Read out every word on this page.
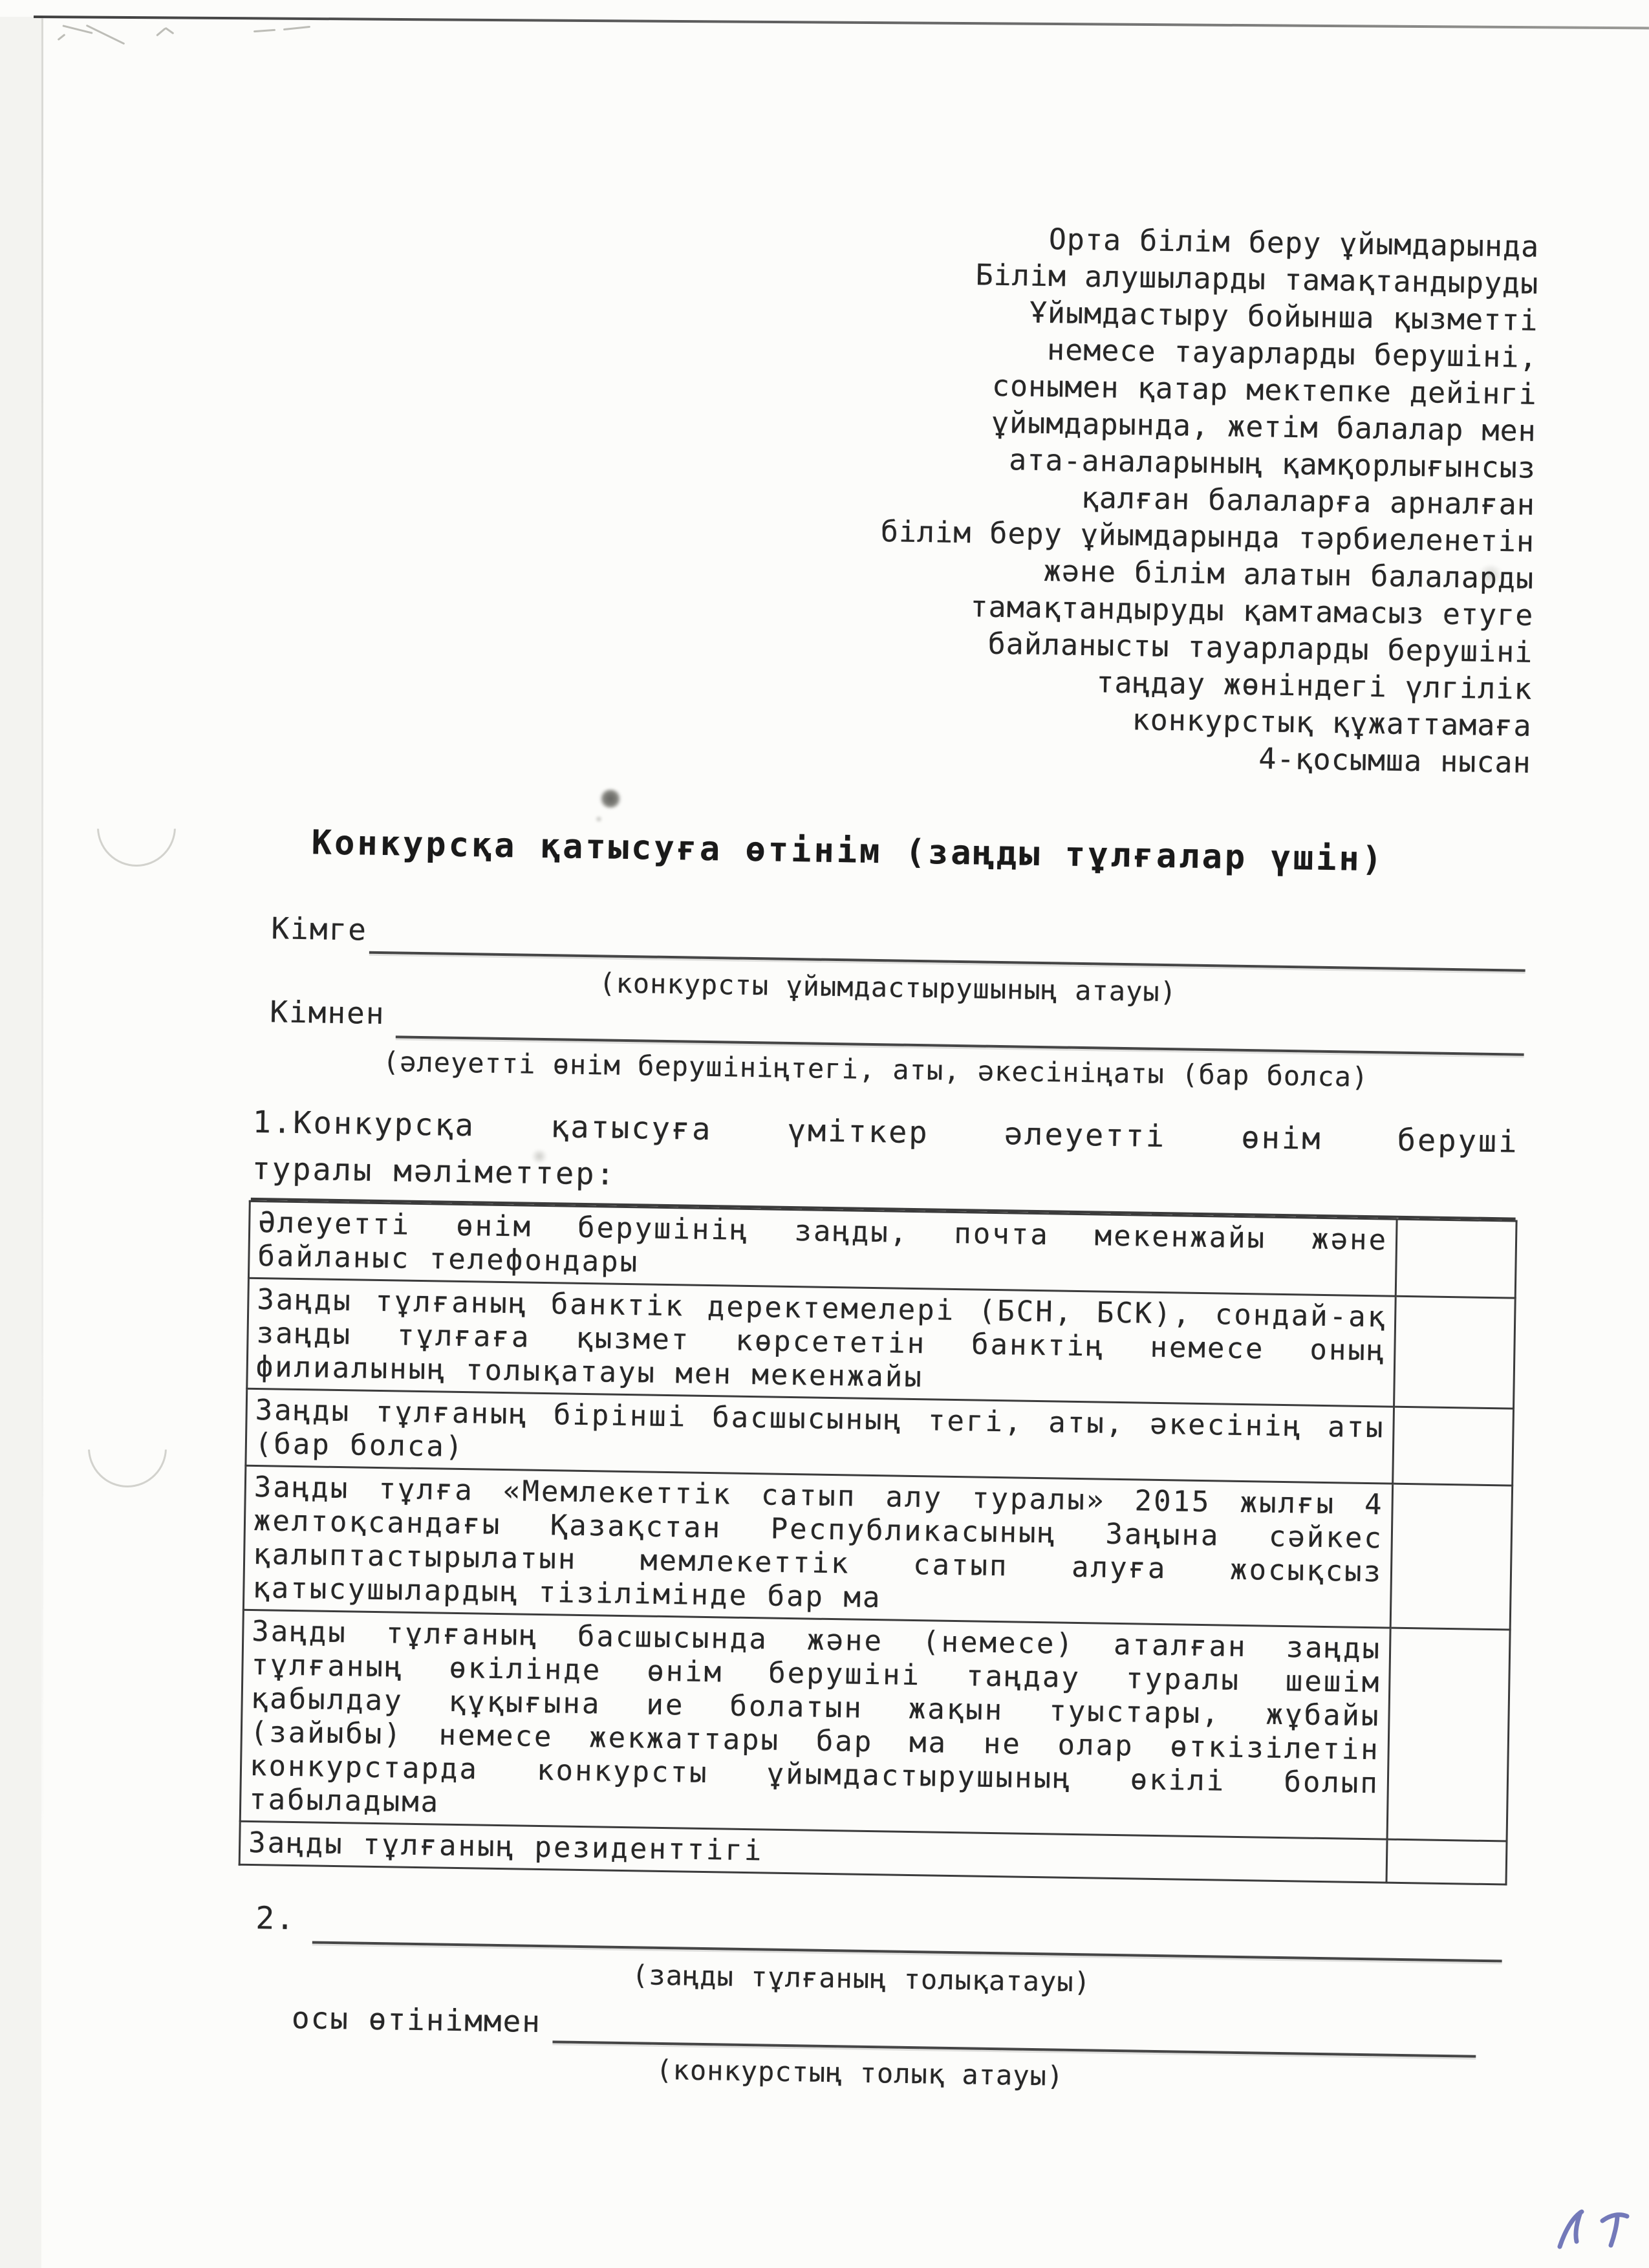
Орта білім беру ұйымдарында
Білім алушыларды тамақтандыруды
Ұйымдастыру бойынша қызметті
немесе тауарларды берушіні,
сонымен қатар мектепке дейінгі
ұйымдарында, жетім балалар мен
ата-аналарының қамқорлығынсыз
қалған балаларға арналған
білім беру ұйымдарында тәрбиеленетін
және білім алатын балаларды
тамақтандыруды қамтамасыз етуге
байланысты тауарларды берушіні
таңдау жөніндегі үлгілік
конкурстық құжаттамаға
4-қосымша нысан
Конкурсқа қатысуға өтінім (заңды тұлғалар үшін)
Кімге
(конкурсты ұйымдастырушының атауы)
Кімнен
(әлеуетті өнім берушініңтегі, аты, әкесініңаты (бар болса)
1.Конкурсқа қатысуға үміткер әлеуетті өнім беруші
туралы мәліметтер:
Әлеуетті өнім берушінің заңды, почта мекенжайы және байланыс телефондары	
Заңды тұлғаның банктік деректемелері (БСН, БСК), сондай-ақ заңды тұлғаға қызмет көрсететін банктің немесе оның филиалының толықатауы мен мекенжайы	
Заңды тұлғаның бірінші басшысының тегі, аты, әкесінің аты (бар болса)	
Заңды тұлға «Мемлекеттік сатып алу туралы» 2015 жылғы 4 желтоқсандағы Қазақстан Республикасының Заңына сәйкес қалыптастырылатын мемлекеттік сатып алуға жосықсыз қатысушылардың тізілімінде бар ма	
Заңды тұлғаның басшысында және (немесе) аталған заңды тұлғаның өкілінде өнім берушіні таңдау туралы шешім қабылдау құқығына ие болатын жақын туыстары, жұбайы (зайыбы) немесе жекжаттары бар ма не олар өткізілетін конкурстарда конкурсты ұйымдастырушының өкілі болып табыладыма	
Заңды тұлғаның резиденттігі	
2.
(заңды тұлғаның толықатауы)
осы өтініммен
(конкурстың толық атауы)
